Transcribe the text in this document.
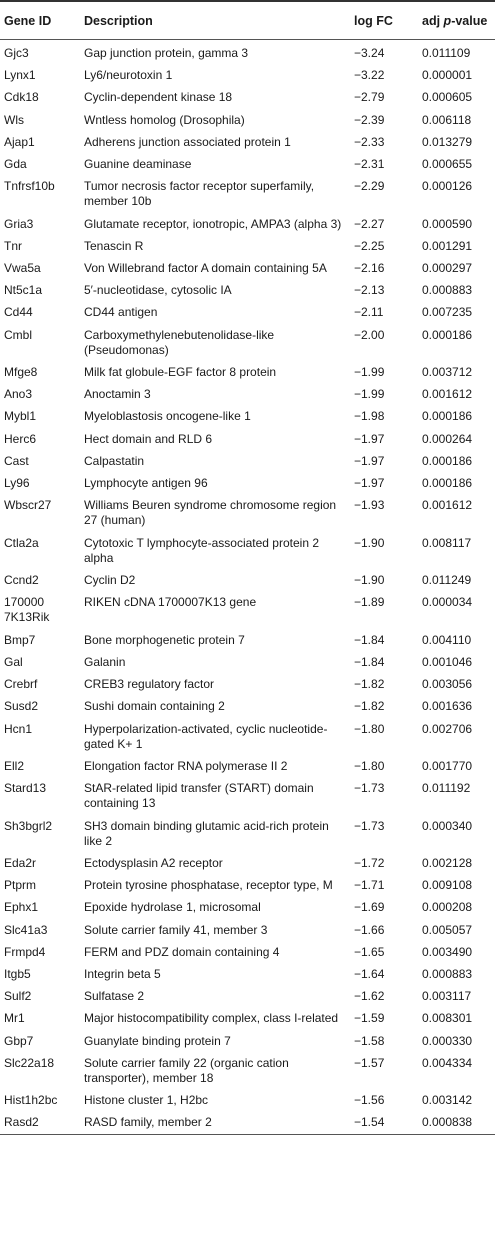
Gene ID	Description	log FC	adj p-value
Gjc3	Gap junction protein, gamma 3	−3.24	0.011109
Lynx1	Ly6/neurotoxin 1	−3.22	0.000001
Cdk18	Cyclin-dependent kinase 18	−2.79	0.000605
Wls	Wntless homolog (Drosophila)	−2.39	0.006118
Ajap1	Adherens junction associated protein 1	−2.33	0.013279
Gda	Guanine deaminase	−2.31	0.000655
Tnfrsf10b	Tumor necrosis factor receptor superfamily, member 10b	−2.29	0.000126
Gria3	Glutamate receptor, ionotropic, AMPA3 (alpha 3)	−2.27	0.000590
Tnr	Tenascin R	−2.25	0.001291
Vwa5a	Von Willebrand factor A domain containing 5A	−2.16	0.000297
Nt5c1a	5′-nucleotidase, cytosolic IA	−2.13	0.000883
Cd44	CD44 antigen	−2.11	0.007235
Cmbl	Carboxymethylenebutenolidase-like (Pseudomonas)	−2.00	0.000186
Mfge8	Milk fat globule-EGF factor 8 protein	−1.99	0.003712
Ano3	Anoctamin 3	−1.99	0.001612
Mybl1	Myeloblastosis oncogene-like 1	−1.98	0.000186
Herc6	Hect domain and RLD 6	−1.97	0.000264
Cast	Calpastatin	−1.97	0.000186
Ly96	Lymphocyte antigen 96	−1.97	0.000186
Wbscr27	Williams Beuren syndrome chromosome region 27 (human)	−1.93	0.001612
Ctla2a	Cytotoxic T lymphocyte-associated protein 2 alpha	−1.90	0.008117
Ccnd2	Cyclin D2	−1.90	0.011249
170000 7K13Rik	RIKEN cDNA 1700007K13 gene	−1.89	0.000034
Bmp7	Bone morphogenetic protein 7	−1.84	0.004110
Gal	Galanin	−1.84	0.001046
Crebrf	CREB3 regulatory factor	−1.82	0.003056
Susd2	Sushi domain containing 2	−1.82	0.001636
Hcn1	Hyperpolarization-activated, cyclic nucleotide-gated K+ 1	−1.80	0.002706
Ell2	Elongation factor RNA polymerase II 2	−1.80	0.001770
Stard13	StAR-related lipid transfer (START) domain containing 13	−1.73	0.011192
Sh3bgrl2	SH3 domain binding glutamic acid-rich protein like 2	−1.73	0.000340
Eda2r	Ectodysplasin A2 receptor	−1.72	0.002128
Ptprm	Protein tyrosine phosphatase, receptor type, M	−1.71	0.009108
Ephx1	Epoxide hydrolase 1, microsomal	−1.69	0.000208
Slc41a3	Solute carrier family 41, member 3	−1.66	0.005057
Frmpd4	FERM and PDZ domain containing 4	−1.65	0.003490
Itgb5	Integrin beta 5	−1.64	0.000883
Sulf2	Sulfatase 2	−1.62	0.003117
Mr1	Major histocompatibility complex, class I-related	−1.59	0.008301
Gbp7	Guanylate binding protein 7	−1.58	0.000330
Slc22a18	Solute carrier family 22 (organic cation transporter), member 18	−1.57	0.004334
Hist1h2bc	Histone cluster 1, H2bc	−1.56	0.003142
Rasd2	RASD family, member 2	−1.54	0.000838
